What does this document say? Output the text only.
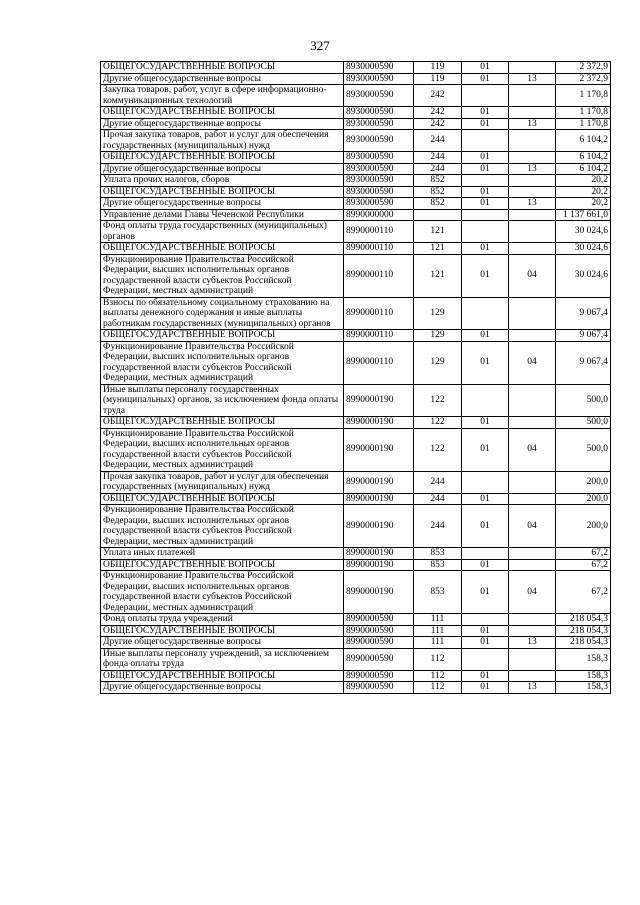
327
ОБЩЕГОСУДАРСТВЕННЫЕ ВОПРОСЫ	8930000590	119	01		2 372,9
Другие общегосударственные вопросы	8930000590	119	01	13	2 372,9
Закупка товаров, работ, услуг в сфере информационно-коммуникационных технологий	8930000590	242			1 170,8
ОБЩЕГОСУДАРСТВЕННЫЕ ВОПРОСЫ	8930000590	242	01		1 170,8
Другие общегосударственные вопросы	8930000590	242	01	13	1 170,8
Прочая закупка товаров, работ и услуг для обеспечения государственных (муниципальных) нужд	8930000590	244			6 104,2
ОБЩЕГОСУДАРСТВЕННЫЕ ВОПРОСЫ	8930000590	244	01		6 104,2
Другие общегосударственные вопросы	8930000590	244	01	13	6 104,2
Уплата прочих налогов, сборов	8930000590	852			20,2
ОБЩЕГОСУДАРСТВЕННЫЕ ВОПРОСЫ	8930000590	852	01		20,2
Другие общегосударственные вопросы	8930000590	852	01	13	20,2
Управление делами Главы Чеченской Республики	8990000000				1 137 661,0
Фонд оплаты труда государственных (муниципальных) органов	8990000110	121			30 024,6
ОБЩЕГОСУДАРСТВЕННЫЕ ВОПРОСЫ	8990000110	121	01		30 024,6
Функционирование Правительства Российской Федерации, высших исполнительных органов государственной власти субъектов Российской Федерации, местных администраций	8990000110	121	01	04	30 024,6
Взносы по обязательному социальному страхованию на выплаты денежного содержания и иные выплаты работникам государственных (муниципальных) органов	8990000110	129			9 067,4
ОБЩЕГОСУДАРСТВЕННЫЕ ВОПРОСЫ	8990000110	129	01		9 067,4
Функционирование Правительства Российской Федерации, высших исполнительных органов государственной власти субъектов Российской Федерации, местных администраций	8990000110	129	01	04	9 067,4
Иные выплаты персоналу государственных (муниципальных) органов, за исключением фонда оплаты труда	8990000190	122			500,0
ОБЩЕГОСУДАРСТВЕННЫЕ ВОПРОСЫ	8990000190	122	01		500,0
Функционирование Правительства Российской Федерации, высших исполнительных органов государственной власти субъектов Российской Федерации, местных администраций	8990000190	122	01	04	500,0
Прочая закупка товаров, работ и услуг для обеспечения государственных (муниципальных) нужд	8990000190	244			200,0
ОБЩЕГОСУДАРСТВЕННЫЕ ВОПРОСЫ	8990000190	244	01		200,0
Функционирование Правительства Российской Федерации, высших исполнительных органов государственной власти субъектов Российской Федерации, местных администраций	8990000190	244	01	04	200,0
Уплата иных платежей	8990000190	853			67,2
ОБЩЕГОСУДАРСТВЕННЫЕ ВОПРОСЫ	8990000190	853	01		67,2
Функционирование Правительства Российской Федерации, высших исполнительных органов государственной власти субъектов Российской Федерации, местных администраций	8990000190	853	01	04	67,2
Фонд оплаты труда учреждений	8990000590	111			218 054,3
ОБЩЕГОСУДАРСТВЕННЫЕ ВОПРОСЫ	8990000590	111	01		218 054,3
Другие общегосударственные вопросы	8990000590	111	01	13	218 054,3
Иные выплаты персоналу учреждений, за исключением фонда оплаты труда	8990000590	112			158,3
ОБЩЕГОСУДАРСТВЕННЫЕ ВОПРОСЫ	8990000590	112	01		158,3
Другие общегосударственные вопросы	8990000590	112	01	13	158,3
